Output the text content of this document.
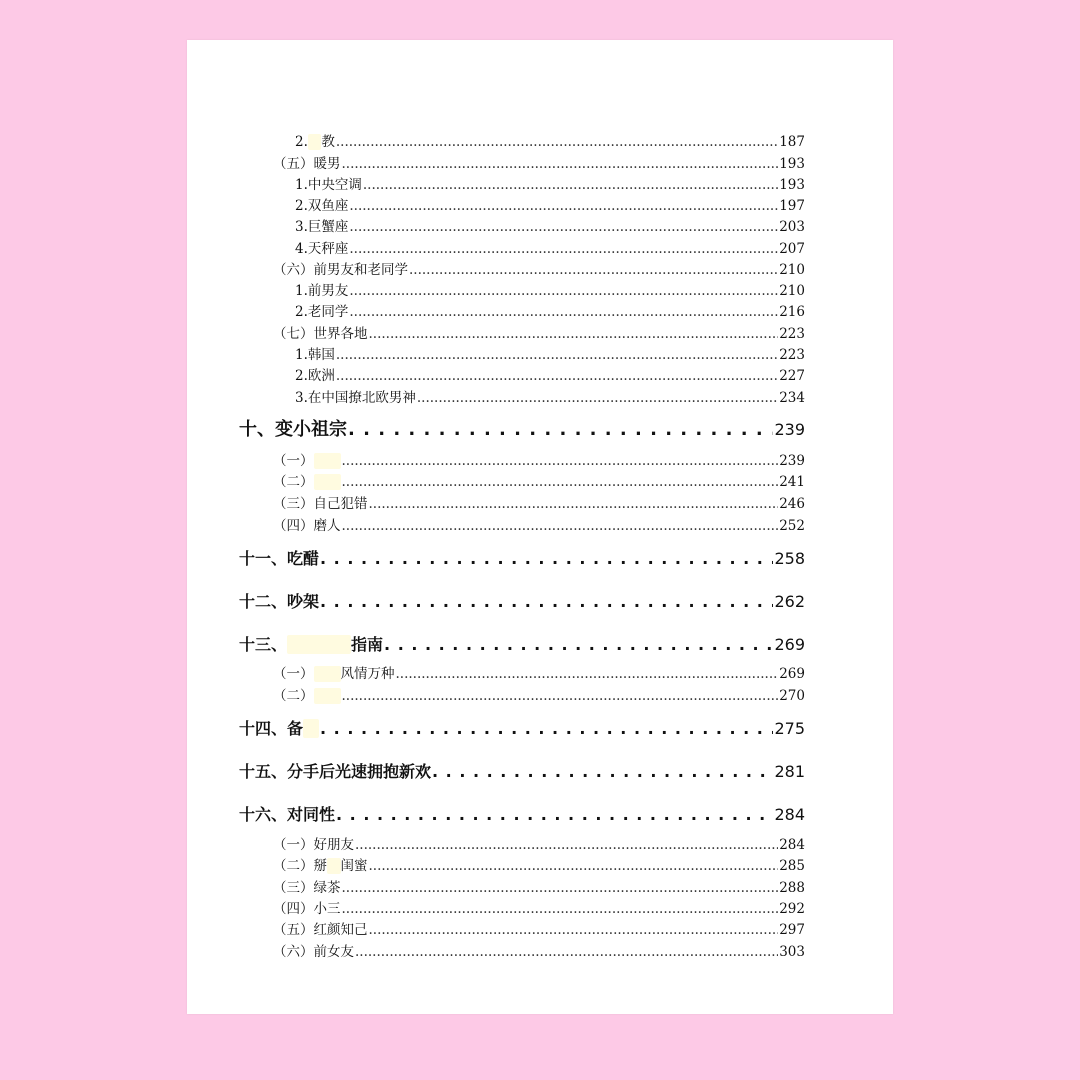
2. 教 .....	187
（五）暖男 .....	193
1.中央空调 .....	193
2.双鱼座 .....	197
3.巨蟹座 .....	203
4.天秤座 .....	207
（六）前男友和老同学 .....	210
1.前男友 .....	210
2.老同学 .....	216
（七）世界各地 .....	223
1.韩国 .....	223
2.欧洲 .....	227
3.在中国撩北欧男神 .....	234
十、变小祖宗 . . .	239
（一） .....	239
（二） .....	241
（三）自己犯错 .....	246
（四）磨人 .....	252
十一、吃醋 . . .	258
十二、吵架 . . .	262
十三、	指南 . . .	269
（一） 风情万种 .....	269
（二） .....	270
十四、备 . . .	275
十五、分手后光速拥抱新欢 . . .	281
十六、对同性 . . .	284
（一）好朋友 .....	284
（二）掰 闺蜜 .....	285
（三）绿茶 .....	288
（四）小三 .....	292
（五）红颜知己 .....	297
（六）前女友 .....	303
